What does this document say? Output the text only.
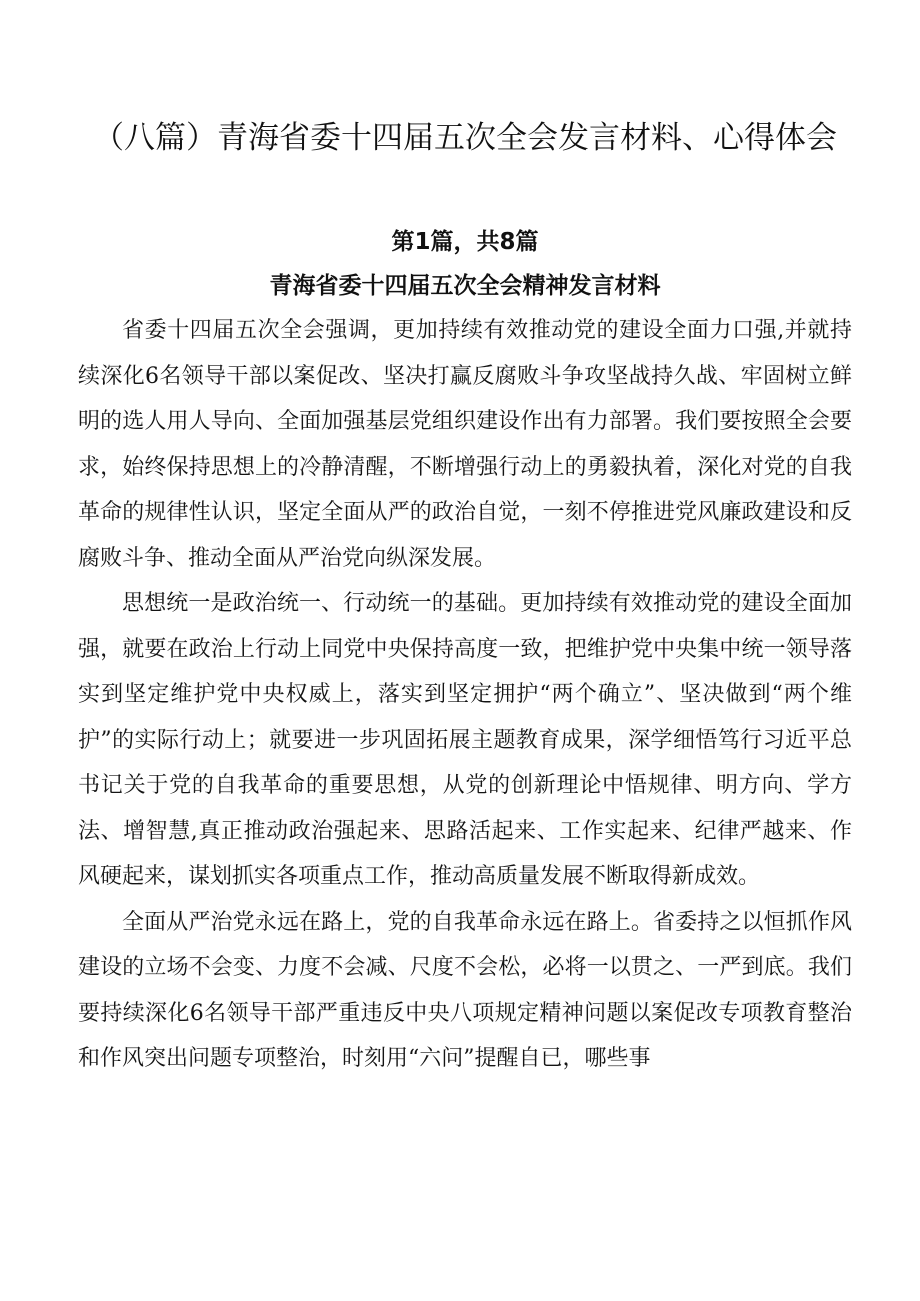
（八篇）青海省委十四届五次全会发言材料、心得体会
第1篇，共8篇
青海省委十四届五次全会精神发言材料

省委十四届五次全会强调，更加持续有效推动党的建设全面力口强,并就持续深化6名领导干部以案促改、坚决打赢反腐败斗争攻坚战持久战、牢固树立鲜明的选人用人导向、全面加强基层党组织建设作出有力部署。我们要按照全会要求，始终保持思想上的冷静清醒，不断增强行动上的勇毅执着，深化对党的自我革命的规律性认识，坚定全面从严的政治自觉，一刻不停推进党风廉政建设和反腐败斗争、推动全面从严治党向纵深发展。

思想统一是政治统一、行动统一的基础。更加持续有效推动党的建设全面加强，就要在政治上行动上同党中央保持高度一致，把维护党中央集中统一领导落实到坚定维护党中央权威上，落实到坚定拥护“两个确立”、坚决做到“两个维护”的实际行动上；就要进一步巩固拓展主题教育成果，深学细悟笃行习近平总书记关于党的自我革命的重要思想，从党的创新理论中悟规律、明方向、学方法、增智慧,真正推动政治强起来、思路活起来、工作实起来、纪律严越来、作风硬起来，谋划抓实各项重点工作，推动高质量发展不断取得新成效。

全面从严治党永远在路上，党的自我革命永远在路上。省委持之以恒抓作风建设的立场不会变、力度不会减、尺度不会松，必将一以贯之、一严到底。我们要持续深化6名领导干部严重违反中央八项规定精神问题以案促改专项教育整治和作风突出问题专项整治，时刻用“六问”提醒自已，哪些事
